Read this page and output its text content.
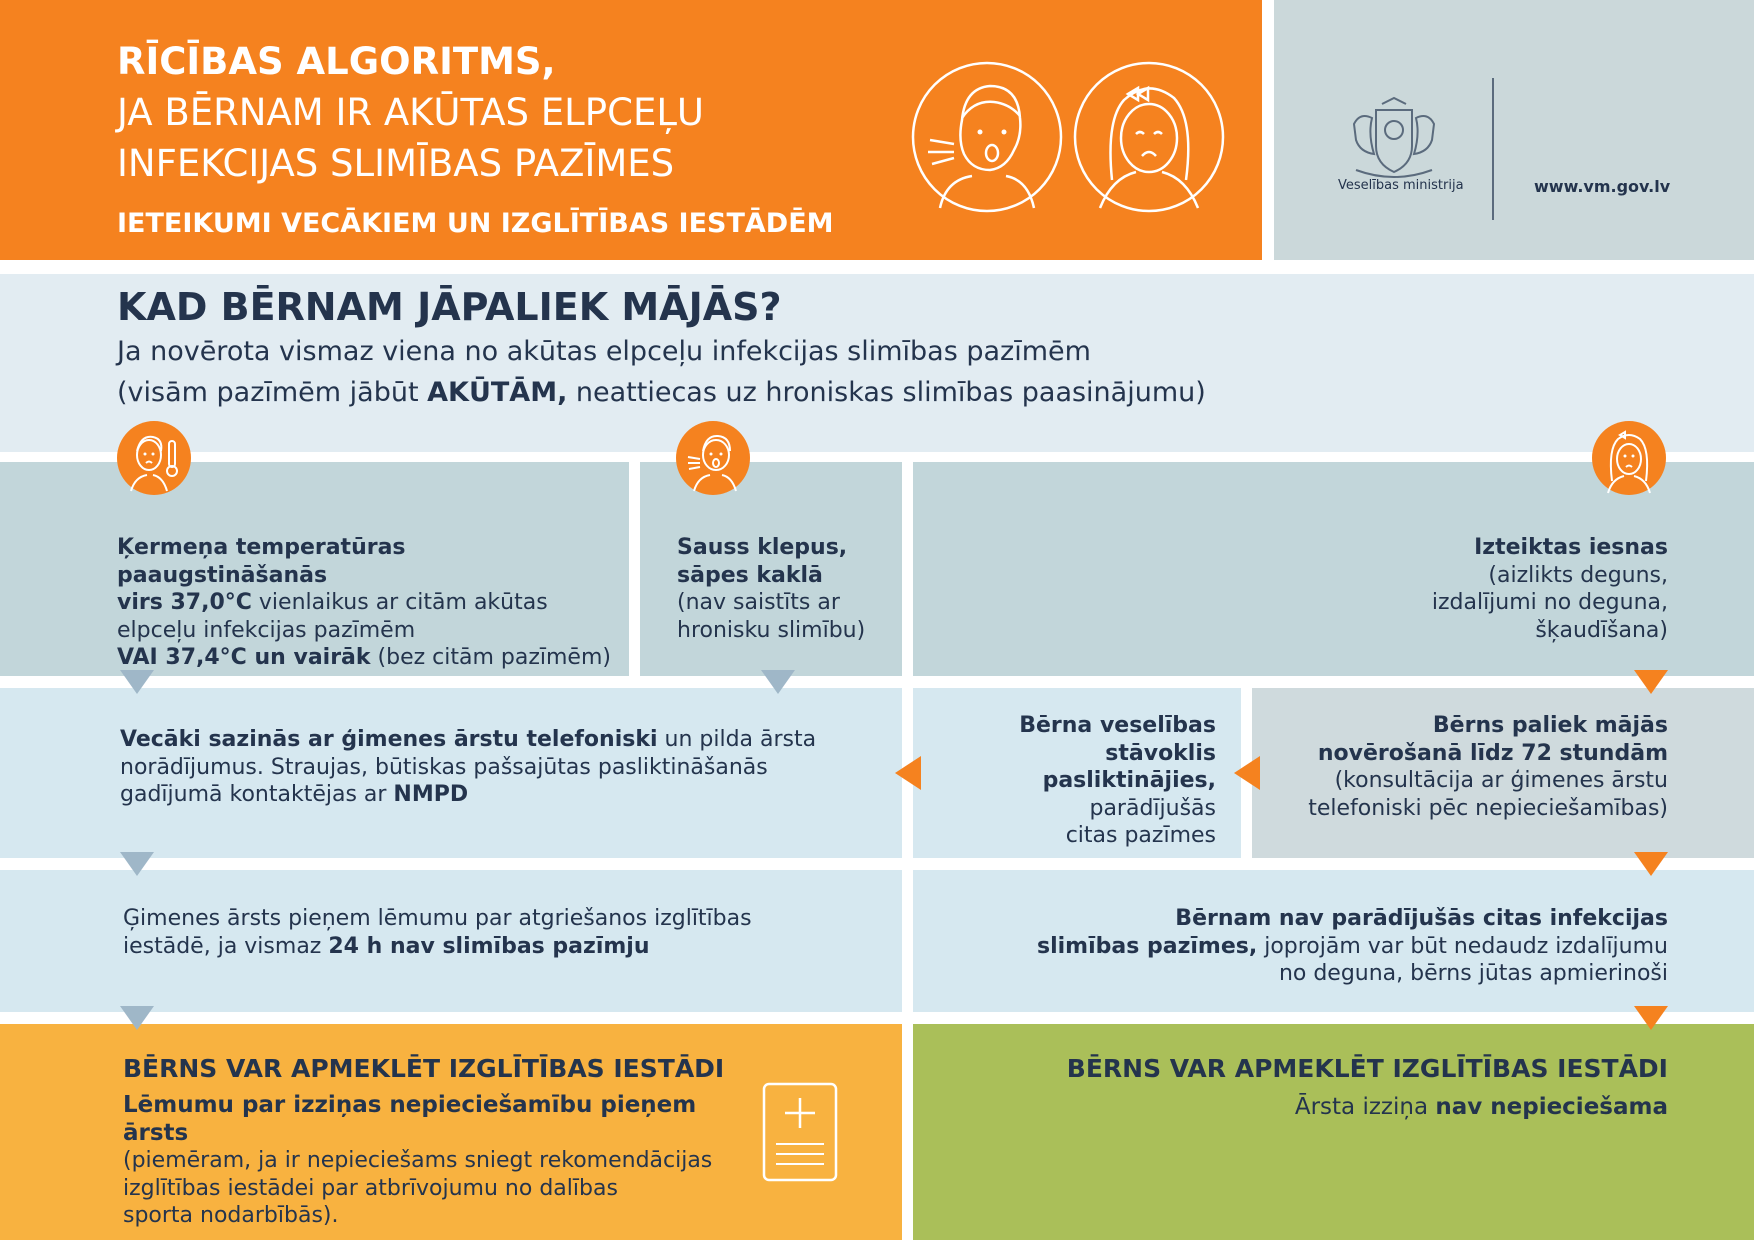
RĪCĪBAS ALGORITMS,
JA BĒRNAM IR AKŪTAS ELPCEĻU
INFEKCIJAS SLIMĪBAS PAZĪMES
IETEIKUMI VECĀKIEM UN IZGLĪTĪBAS IESTĀDĒM
Veselības ministrija	www.vm.gov.lv
KAD BĒRNAM JĀPALIEK MĀJĀS?
Ja novērota vismaz viena no akūtas elpceļu infekcijas slimības pazīmēm
(visām pazīmēm jābūt AKŪTĀM, neattiecas uz hroniskas slimības paasinājumu)
Ķermeņa temperatūras paaugstināšanās
virs 37,0°C vienlaikus ar citām akūtas
elpceļu infekcijas pazīmēm
VAI 37,4°C un vairāk (bez citām pazīmēm)
Sauss klepus,
sāpes kaklā
(nav saistīts ar
hronisku slimību)
Izteiktas iesnas
(aizlikts deguns,
izdalījumi no deguna,
šķaudīšana)
Vecāki sazinās ar ģimenes ārstu telefoniski un pilda ārsta
norādījumus. Straujas, būtiskas pašsajūtas pasliktināšanās
gadījumā kontaktējas ar NMPD
Bērna veselības
stāvoklis pasliktinājies,
parādījušās
citas pazīmes
Bērns paliek mājās
novērošanā līdz 72 stundām
(konsultācija ar ģimenes ārstu
telefoniski pēc nepieciešamības)
Ģimenes ārsts pieņem lēmumu par atgriešanos izglītības
iestādē, ja vismaz 24 h nav slimības pazīmju
Bērnam nav parādījušās citas infekcijas
slimības pazīmes, joprojām var būt nedaudz izdalījumu
no deguna, bērns jūtas apmierinoši
BĒRNS VAR APMEKLĒT IZGLĪTĪBAS IESTĀDI
Lēmumu par izziņas nepieciešamību pieņem ārsts
(piemēram, ja ir nepieciešams sniegt rekomendācijas
izglītības iestādei par atbrīvojumu no dalības
sporta nodarbībās).
BĒRNS VAR APMEKLĒT IZGLĪTĪBAS IESTĀDI
Ārsta izziņa nav nepieciešama
